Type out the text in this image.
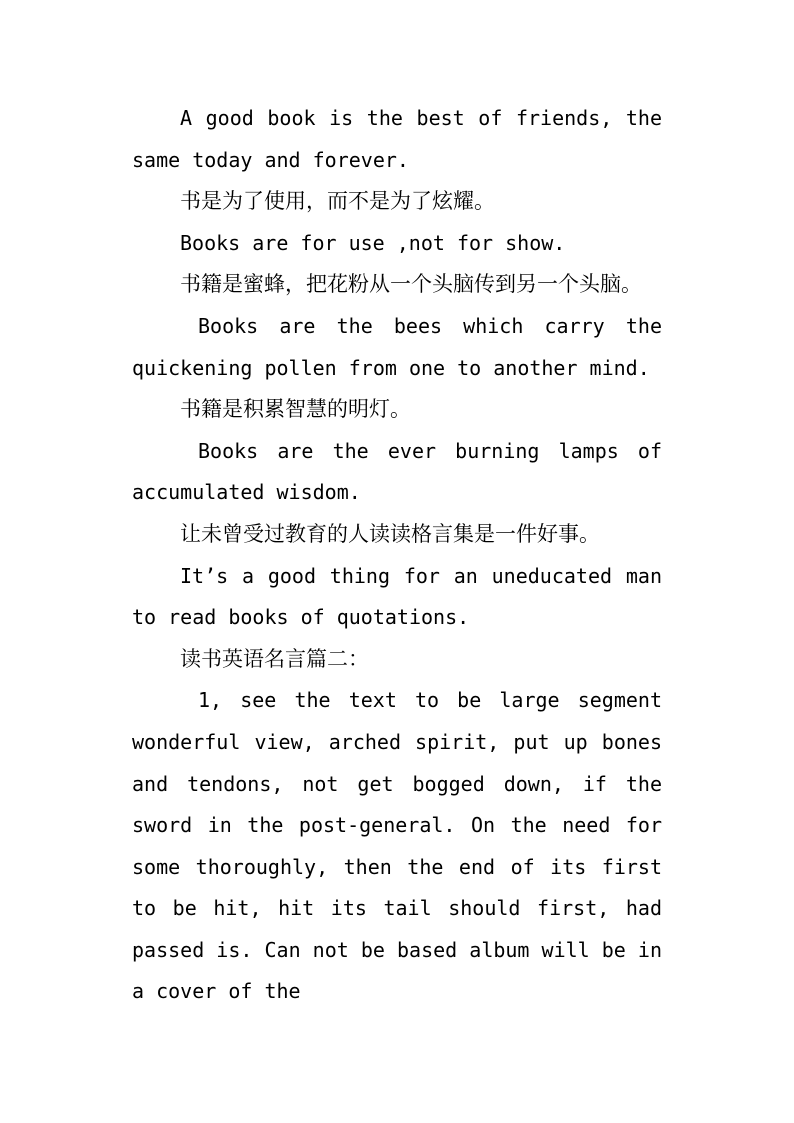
A good book is the best of friends, the same today and forever.

书是为了使用，而不是为了炫耀。

Books are for use ,not for show.

书籍是蜜蜂，把花粉从一个头脑传到另一个头脑。

Books are the bees which carry the quickening pollen from one to another mind.

书籍是积累智慧的明灯。

Books are the ever burning lamps of accumulated wisdom.

让未曾受过教育的人读读格言集是一件好事。

It’s a good thing for an uneducated man to read books of quotations.

读书英语名言篇二：

1, see the text to be large segment wonderful view, arched spirit, put up bones and tendons, not get bogged down, if the sword in the post-general. On the need for some thoroughly, then the end of its first to be hit, hit its tail should first, had passed is. Can not be based album will be in a cover of the
